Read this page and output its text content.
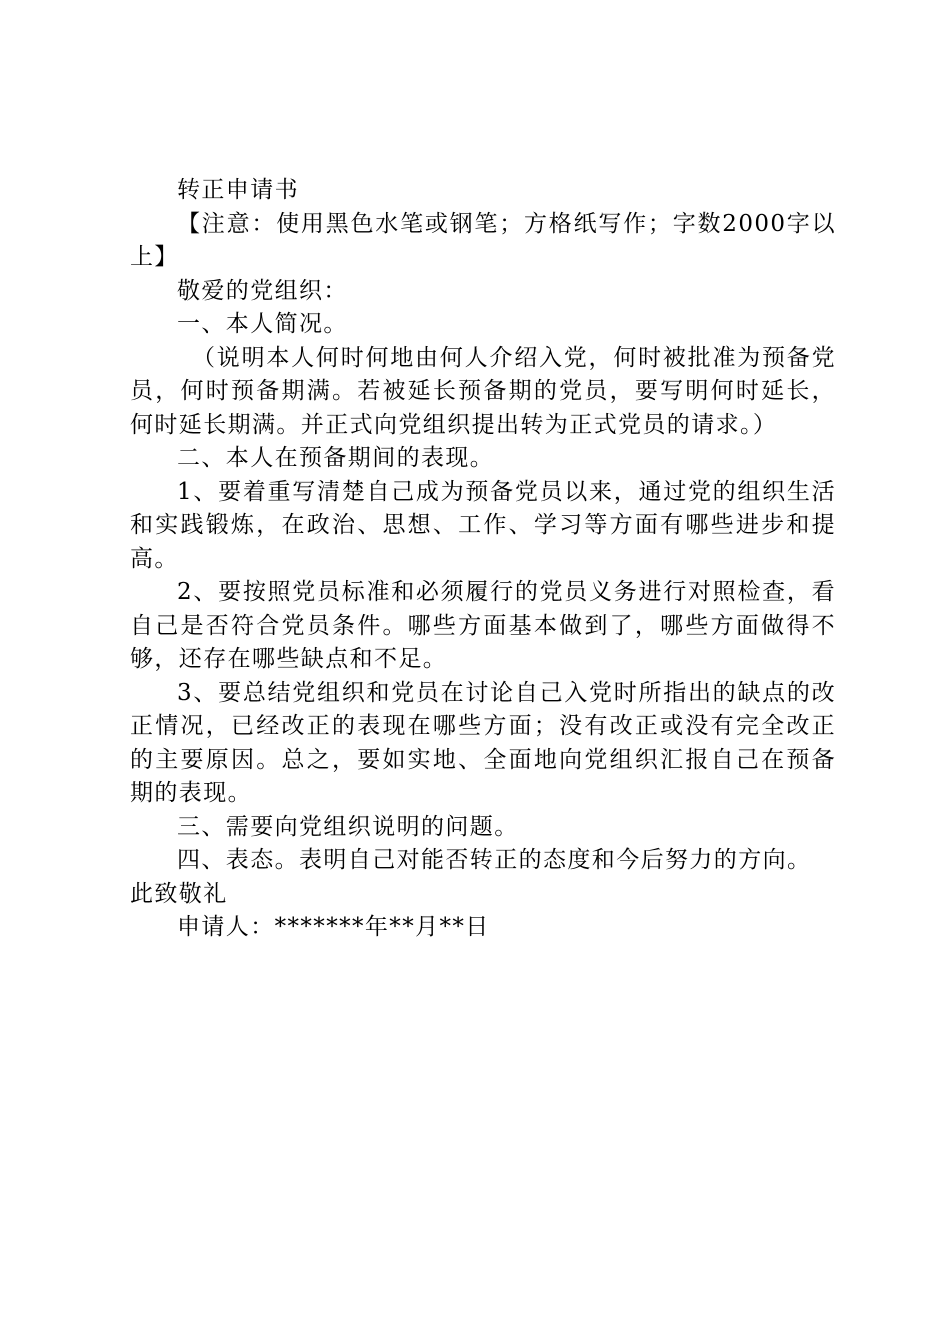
转正申请书

【注意：使用黑色水笔或钢笔；方格纸写作；字数2000字以上】

敬爱的党组织：

一、本人简况。

（说明本人何时何地由何人介绍入党，何时被批准为预备党员，何时预备期满。若被延长预备期的党员，要写明何时延长，何时延长期满。并正式向党组织提出转为正式党员的请求。）

二、本人在预备期间的表现。

1、要着重写清楚自己成为预备党员以来，通过党的组织生活和实践锻炼，在政治、思想、工作、学习等方面有哪些进步和提高。

2、要按照党员标准和必须履行的党员义务进行对照检查，看自己是否符合党员条件。哪些方面基本做到了，哪些方面做得不够，还存在哪些缺点和不足。

3、要总结党组织和党员在讨论自己入党时所指出的缺点的改正情况，已经改正的表现在哪些方面；没有改正或没有完全改正的主要原因。总之，要如实地、全面地向党组织汇报自己在预备期的表现。

三、需要向党组织说明的问题。

四、表态。表明自己对能否转正的态度和今后努力的方向。

此致敬礼

申请人：*******年**月**日
